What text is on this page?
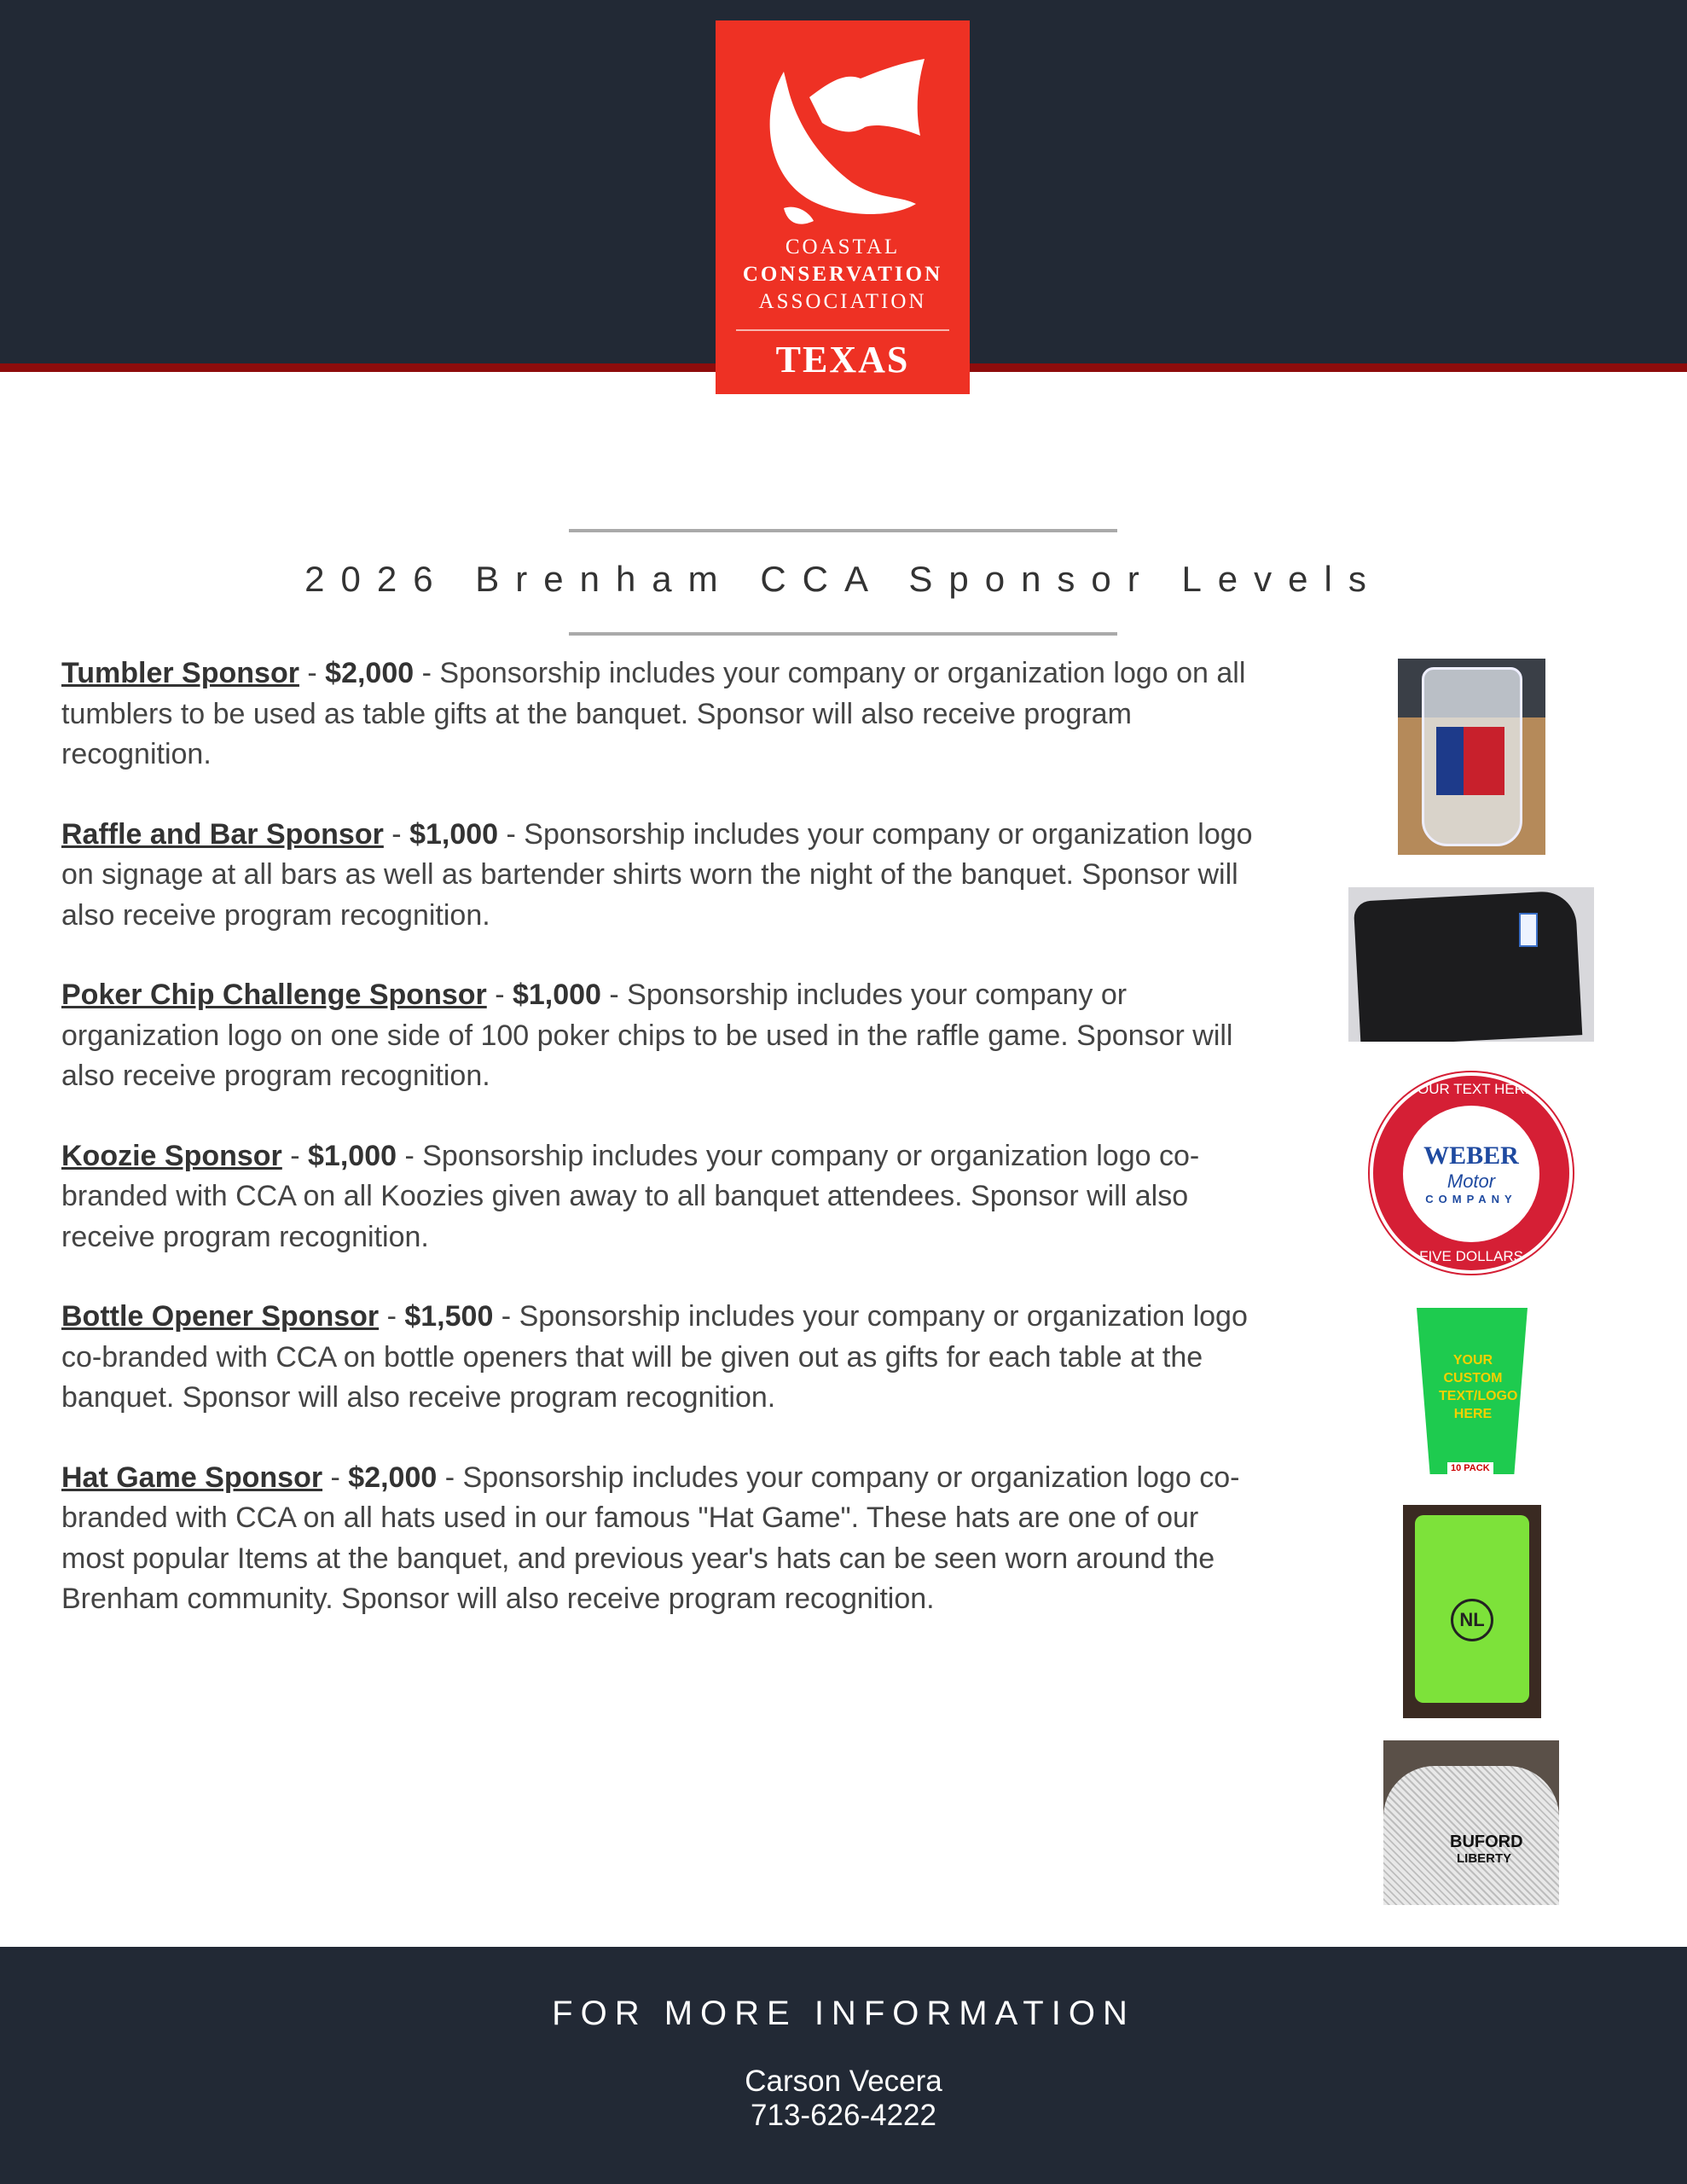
COASTAL
CONSERVATION
ASSOCIATION
TEXAS
2026 Brenham CCA Sponsor Levels

Tumbler Sponsor - $2,000 - Sponsorship includes your company or organization logo on all tumblers to be used as table gifts at the banquet. Sponsor will also receive program recognition.

Raffle and Bar Sponsor - $1,000 - Sponsorship includes your company or organization logo on signage at all bars as well as bartender shirts worn the night of the banquet. Sponsor will also receive program recognition.

Poker Chip Challenge Sponsor - $1,000 - Sponsorship includes your company or organization logo on one side of 100 poker chips to be used in the raffle game. Sponsor will also receive program recognition.

Koozie Sponsor - $1,000 - Sponsorship includes your company or organization logo co-branded with CCA on all Koozies given away to all banquet attendees. Sponsor will also receive program recognition.

Bottle Opener Sponsor - $1,500 - Sponsorship includes your company or organization logo co-branded with CCA on bottle openers that will be given out as gifts for each table at the banquet. Sponsor will also receive program recognition.

Hat Game Sponsor - $2,000 - Sponsorship includes your company or organization logo co-branded with CCA on all hats used in our famous "Hat Game". These hats are one of our most popular Items at the banquet, and previous year's hats can be seen worn around the Brenham community. Sponsor will also receive program recognition.

WEBER
Motor
COMPANY
YOUR TEXT HERE
FIVE DOLLARS
YOUR CUSTOM TEXT/LOGO HERE
10 PACK
NL
BUFORD
LIBERTY
FOR MORE INFORMATION
Carson Vecera
713-626-4222
